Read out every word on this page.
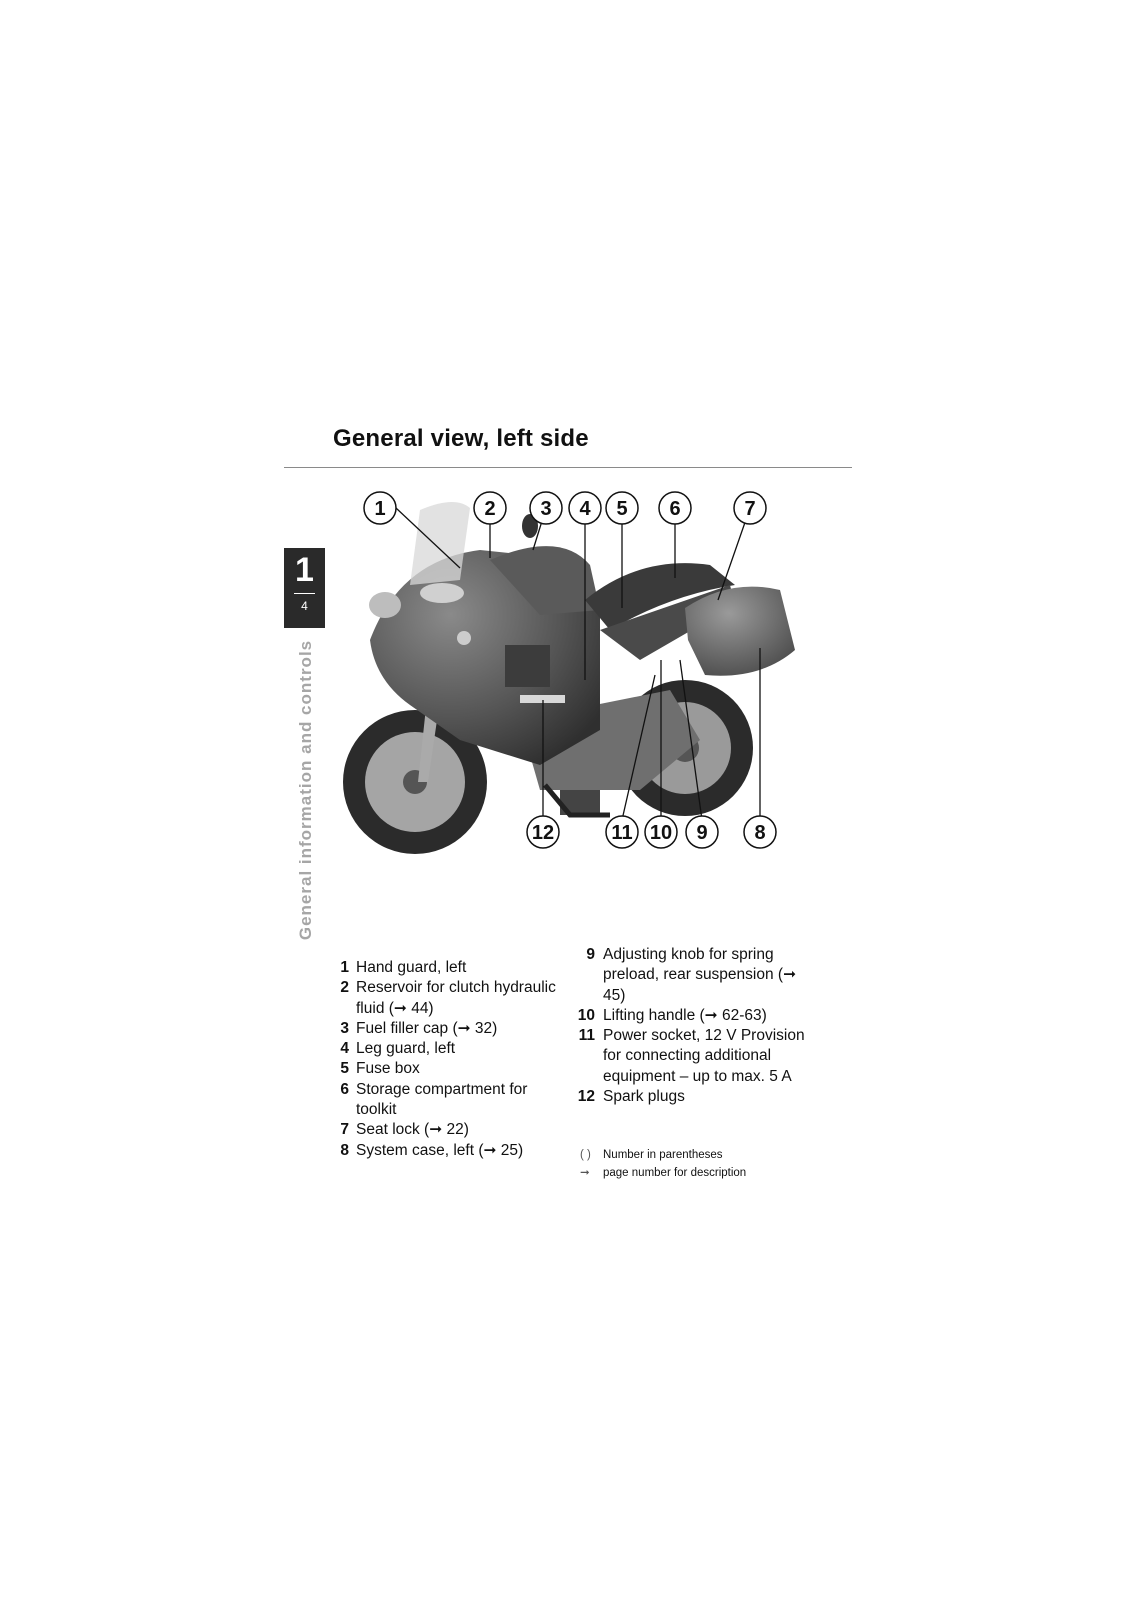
General view, left side
1
4
General information and controls
1	2 3 4 5 6	7
12	11 10 9 8
1 Hand guard, left
2 Reservoir for clutch hydraulic fluid (➞ 44)
3 Fuel filler cap (➞ 32)
4 Leg guard, left
5 Fuse box
6 Storage compartment for toolkit
7 Seat lock (➞ 22)
8 System case, left (➞ 25)
9 Adjusting knob for spring preload, rear suspension (➞ 45)
10 Lifting handle (➞ 62-63)
11 Power socket, 12 V Provision for connecting additional equipment – up to max. 5 A
12 Spark plugs
( )	Number in parentheses
➞	page number for description
